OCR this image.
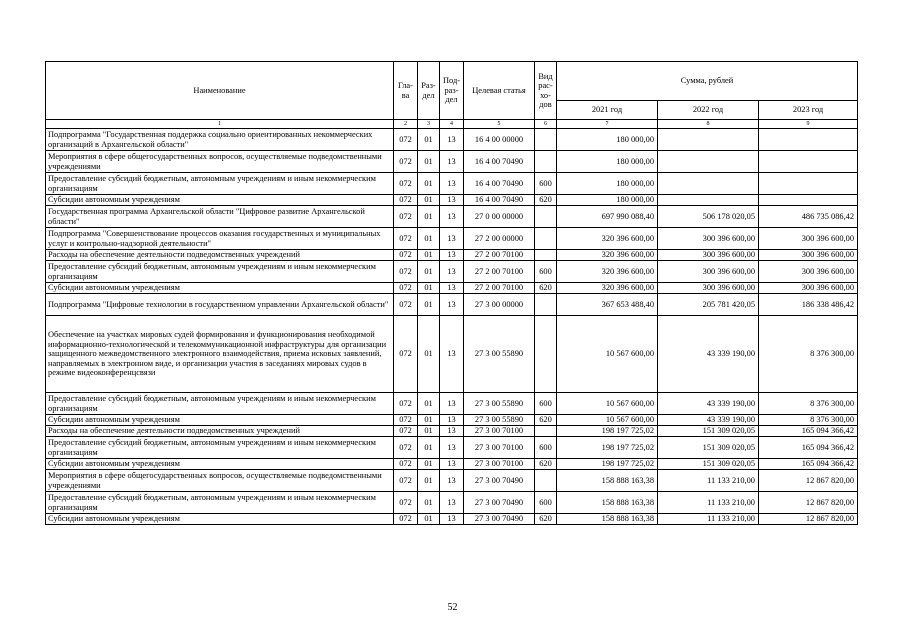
Наименование	Гла-ва	Раз-дел	Под-раз-дел	Целевая статья	Вид рас-хо-дов	Сумма, рублей		
						2021 год	2022 год	2023 год
1	2	3	4	5	6	7	8	9
Подпрограмма "Государственная поддержка социально ориентированных некоммерческих организаций в Архангельской области"	072	01	13	16 4 00 00000		180 000,00		
Мероприятия в сфере общегосударственных вопросов, осуществляемые подведомственными учреждениями	072	01	13	16 4 00 70490		180 000,00		
Предоставление субсидий бюджетным, автономным учреждениям и иным некоммерческим организациям	072	01	13	16 4 00 70490	600	180 000,00		
Субсидии автономным учреждениям	072	01	13	16 4 00 70490	620	180 000,00		
Государственная программа Архангельской области "Цифровое развитие Архангельской области"	072	01	13	27 0 00 00000		697 990 088,40	506 178 020,05	486 735 086,42
Подпрограмма "Совершенствование процессов оказания государственных и муниципальных услуг и контрольно-надзорной деятельности"	072	01	13	27 2 00 00000		320 396 600,00	300 396 600,00	300 396 600,00
Расходы на обеспечение деятельности подведомственных учреждений	072	01	13	27 2 00 70100		320 396 600,00	300 396 600,00	300 396 600,00
Предоставление субсидий бюджетным, автономным учреждениям и иным некоммерческим организациям	072	01	13	27 2 00 70100	600	320 396 600,00	300 396 600,00	300 396 600,00
Субсидии автономным учреждениям	072	01	13	27 2 00 70100	620	320 396 600,00	300 396 600,00	300 396 600,00
Подпрограмма "Цифровые технологии в государственном управлении Архангельской области"	072	01	13	27 3 00 00000		367 653 488,40	205 781 420,05	186 338 486,42
Обеспечение на участках мировых судей формирования и функционирования необходимой информационно-технологической и телекоммуникационной инфраструктуры для организации защищенного межведомственного электронного взаимодействия, приема исковых заявлений, направляемых в электронном виде, и организации участия в заседаниях мировых судов в режиме видеоконференцсвязи	072	01	13	27 3 00 55890		10 567 600,00	43 339 190,00	8 376 300,00
Предоставление субсидий бюджетным, автономным учреждениям и иным некоммерческим организациям	072	01	13	27 3 00 55890	600	10 567 600,00	43 339 190,00	8 376 300,00
Субсидии автономным учреждениям	072	01	13	27 3 00 55890	620	10 567 600,00	43 339 190,00	8 376 300,00
Расходы на обеспечение деятельности подведомственных учреждений	072	01	13	27 3 00 70100		198 197 725,02	151 309 020,05	165 094 366,42
Предоставление субсидий бюджетным, автономным учреждениям и иным некоммерческим организациям	072	01	13	27 3 00 70100	600	198 197 725,02	151 309 020,05	165 094 366,42
Субсидии автономным учреждениям	072	01	13	27 3 00 70100	620	198 197 725,02	151 309 020,05	165 094 366,42
Мероприятия в сфере общегосударственных вопросов, осуществляемые подведомственными учреждениями	072	01	13	27 3 00 70490		158 888 163,38	11 133 210,00	12 867 820,00
Предоставление субсидий бюджетным, автономным учреждениям и иным некоммерческим организациям	072	01	13	27 3 00 70490	600	158 888 163,38	11 133 210,00	12 867 820,00
Субсидии автономным учреждениям	072	01	13	27 3 00 70490	620	158 888 163,38	11 133 210,00	12 867 820,00
52
